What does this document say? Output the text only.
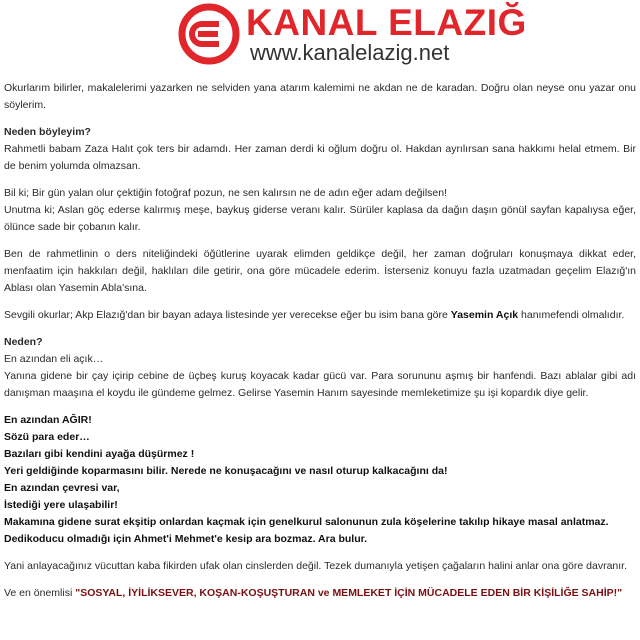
KANAL ELAZIĞ
www.kanalelazig.net

Okurlarım bilirler, makalelerimi yazarken ne selviden yana atarım kalemimi ne akdan ne de karadan. Doğru olan neyse onu yazar onu söylerim.

Neden böyleyim?

Rahmetli babam Zaza Halıt çok ters bir adamdı. Her zaman derdi ki oğlum doğru ol. Hakdan ayrılırsan sana hakkımı helal etmem. Bir de benim yolumda olmazsan.

Bil ki; Bir gün yalan olur çektiğin fotoğraf pozun, ne sen kalırsın ne de adın eğer adam değilsen!

Unutma ki; Aslan göç ederse kalırmış meşe, baykuş giderse veranı kalır. Sürüler kaplasa da dağın daşın gönül sayfan kapalıysa eğer, ölünce sade bir çobanın kalır.

Ben de rahmetlinin o ders niteliğindeki öğütlerine uyarak elimden geldikçe değil, her zaman doğruları konuşmaya dikkat eder, menfaatim için hakkıları değil, haklıları dile getirir, ona göre mücadele ederim. İsterseniz konuyu fazla uzatmadan geçelim Elazığ'ın Ablası olan Yasemin Abla'sına.

Sevgili okurlar; Akp Elazığ'dan bir bayan adaya listesinde yer verecekse eğer bu isim bana göre Yasemin Açık hanımefendi olmalıdır.

Neden?

En azından eli açık…

Yanına gidene bir çay içirip cebine de üçbeş kuruş koyacak kadar gücü var. Para sorununu aşmış bir hanfendi. Bazı ablalar gibi adı danışman maaşına el koydu ile gündeme gelmez. Gelirse Yasemin Hanım sayesinde memleketimize şu işi kopardık diye gelir.

En azından AĞIR!

Sözü para eder…

Bazıları gibi kendini ayağa düşürmez !

Yeri geldiğinde koparmasını bilir. Nerede ne konuşacağını ve nasıl oturup kalkacağını da!

En azından çevresi var,

İstediği yere ulaşabilir!

Makamına gidene surat ekşitip onlardan kaçmak için genelkurul salonunun zula köşelerine takılıp hikaye masal anlatmaz.

Dedikoducu olmadığı için Ahmet'i Mehmet'e kesip ara bozmaz. Ara bulur.

Yani anlayacağınız vücuttan kaba fikirden ufak olan cinslerden değil. Tezek dumanıyla yetişen çağaların halini anlar ona göre davranır.

Ve en önemlisi "SOSYAL, İYİLİKSEVER, KOŞAN-KOŞUŞTURAN ve MEMLEKET İÇİN MÜCADELE EDEN BİR KİŞİLİĞE SAHİP!"
